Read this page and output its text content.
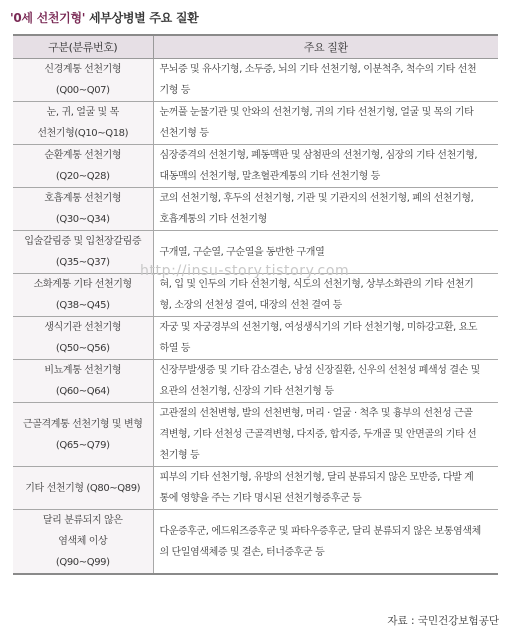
'0세 선천기형' 세부상병별 주요 질환
구분(분류번호)	주요 질환

신경계통 선천기형
(Q00~Q07)	무뇌증 및 유사기형, 소두증, 뇌의 기타 선천기형, 이분척추, 척수의 기타 선천
기형 등

눈, 귀, 얼굴 및 목
선천기형(Q10~Q18)	눈꺼풀 눈물기관 및 안와의 선천기형, 귀의 기타 선천기형, 얼굴 및 목의 기타
선천기형 등

순환계통 선천기형
(Q20~Q28)	심장중격의 선천기형, 폐동맥판 및 삼첨판의 선천기형, 심장의 기타 선천기형,
대동맥의 선천기형, 말초혈관계통의 기타 선천기형 등

호흡계통 선천기형
(Q30~Q34)	코의 선천기형, 후두의 선천기형, 기관 및 기관지의 선천기형, 폐의 선천기형,
호흡계통의 기타 선천기형

입술갈림증 및 입천장갈림증
(Q35~Q37)	구개열, 구순열, 구순열을 동반한 구개열

소화계통 기타 선천기형
(Q38~Q45)	혀, 입 및 인두의 기타 선천기형, 식도의 선천기형, 상부소화관의 기타 선천기
형, 소장의 선천성 결여, 대장의 선천 결여 등

생식기관 선천기형
(Q50~Q56)	자궁 및 자궁경부의 선천기형, 여성생식기의 기타 선천기형, 미하강고환, 요도
하열 등

비뇨계통 선천기형
(Q60~Q64)	신장무발생증 및 기타 감소결손, 낭성 신장질환, 신우의 선천성 폐색성 결손 및
요관의 선천기형, 신장의 기타 선천기형 등

근골격계통 선천기형 및 변형
(Q65~Q79)	고관절의 선천변형, 발의 선천변형, 머리 · 얼굴 · 척추 및 흉부의 선천성 근골
격변형, 기타 선천성 근골격변형, 다지증, 합지증, 두개골 및 안면골의 기타 선
천기형 등

기타 선천기형 (Q80~Q89)	피부의 기타 선천기형, 유방의 선천기형, 달리 분류되지 않은 모반증, 다발 계
통에 영향을 주는 기타 명시된 선천기형증후군 등

달리 분류되지 않은
염색체 이상
(Q90~Q99)	다운증후군, 에드워즈증후군 및 파타우증후군, 달리 분류되지 않은 보통염색체
의 단일염색체증 및 결손, 터너증후군 등
http://insu-story.tistory.com
자료 : 국민건강보험공단
